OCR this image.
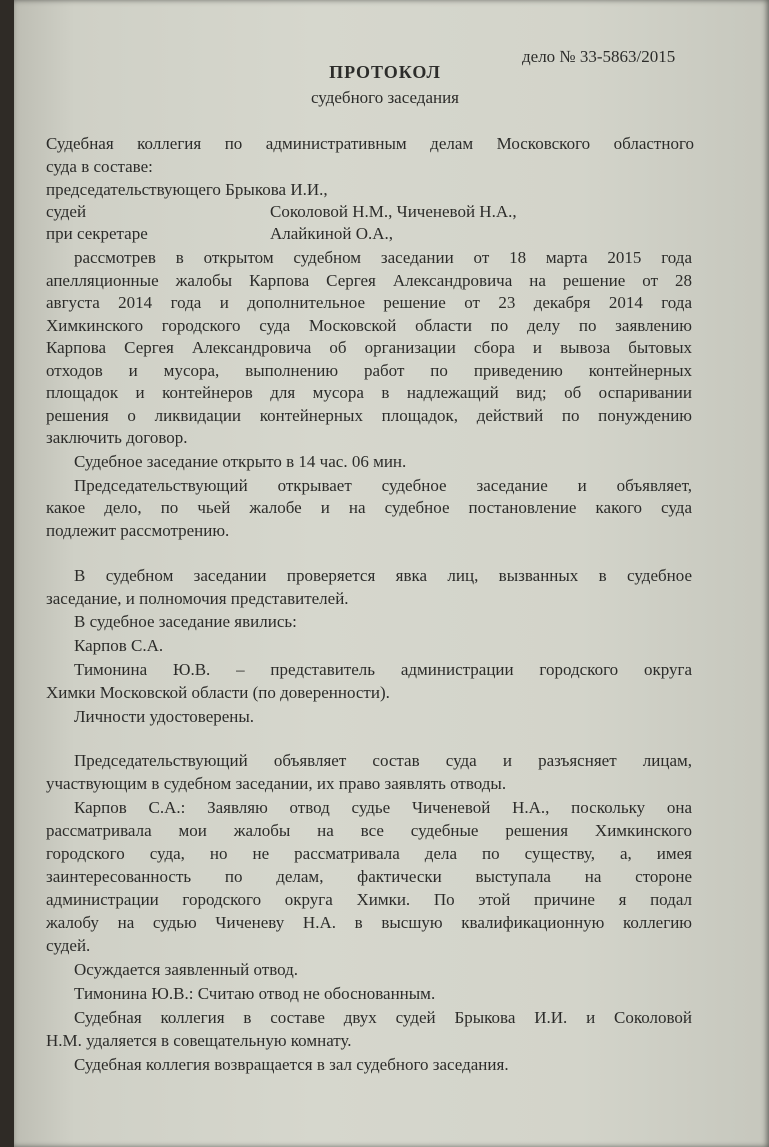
дело № 33-5863/2015
ПРОТОКОЛ
судебного заседания
Судебная коллегия по административным делам Московского областного
суда в составе:
председательствующего Брыкова И.И.,
судей	Соколовой Н.М., Чиченевой Н.А.,
при секретаре	Алайкиной О.А.,
рассмотрев в открытом судебном заседании от 18 марта 2015 года
апелляционные жалобы Карпова Сергея Александровича на решение от 28
августа 2014 года и дополнительное решение от 23 декабря 2014 года
Химкинского городского суда Московской области по делу по заявлению
Карпова Сергея Александровича об организации сбора и вывоза бытовых
отходов и мусора, выполнению работ по приведению контейнерных
площадок и контейнеров для мусора в надлежащий вид; об оспаривании
решения о ликвидации контейнерных площадок, действий по понуждению
заключить договор.
Судебное заседание открыто в 14 час. 06 мин.
Председательствующий открывает судебное заседание и объявляет,
какое дело, по чьей жалобе и на судебное постановление какого суда
подлежит рассмотрению.
В судебном заседании проверяется явка лиц, вызванных в судебное
заседание, и полномочия представителей.
В судебное заседание явились:
Карпов С.А.
Тимонина Ю.В. – представитель администрации городского округа
Химки Московской области (по доверенности).
Личности удостоверены.
Председательствующий объявляет состав суда и разъясняет лицам,
участвующим в судебном заседании, их право заявлять отводы.
Карпов С.А.: Заявляю отвод судье Чиченевой Н.А., поскольку она
рассматривала мои жалобы на все судебные решения Химкинского
городского суда, но не рассматривала дела по существу, а, имея
заинтересованность по делам, фактически выступала на стороне
администрации городского округа Химки. По этой причине я подал
жалобу на судью Чиченеву Н.А. в высшую квалификационную коллегию
судей.
Осуждается заявленный отвод.
Тимонина Ю.В.: Считаю отвод не обоснованным.
Судебная коллегия в составе двух судей Брыкова И.И. и Соколовой
Н.М. удаляется в совещательную комнату.
Судебная коллегия возвращается в зал судебного заседания.
